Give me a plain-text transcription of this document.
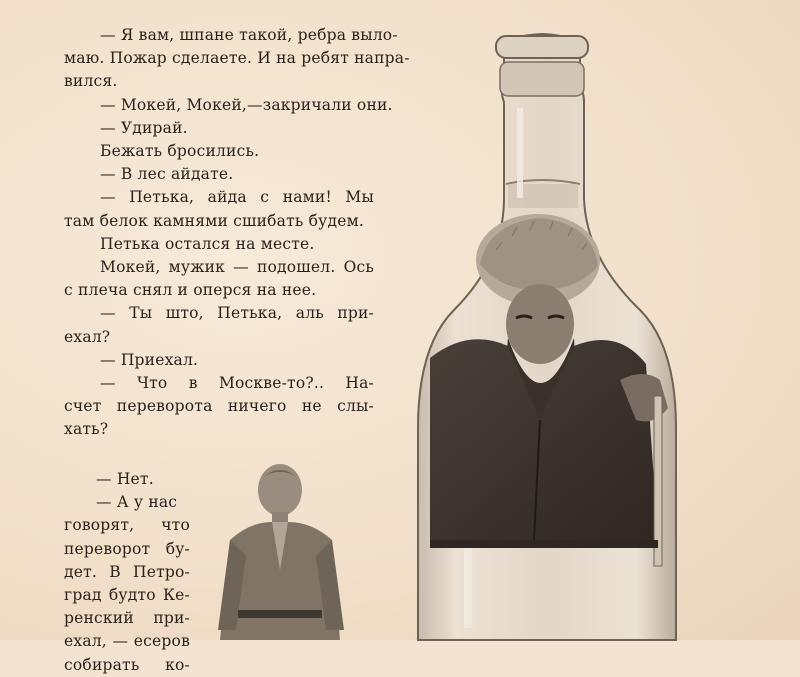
— Я вам, шпане такой, ребра выло-
маю. Пожар сделаете. И на ребят напра-
вился.
— Мокей, Мокей,—закричали они.
— Удирай.
Бежать бросились.
— В лес айдате.
— Петька, айда с нами! Мы
там белок камнями сшибать будем.
Петька остался на месте.
Мокей, мужик — подошел. Ось
с плеча снял и оперся на нее.
— Ты што, Петька, аль при-
ехал?
— Приехал.
— Что в Москве-то?.. На-
счет переворота ничего не слы-
хать?
— Нет.
— А у нас
говорят, что
переворот бу-
дет. В Петро-
град будто Ке-
ренский при-
ехал, — есеров
собирать ко-
